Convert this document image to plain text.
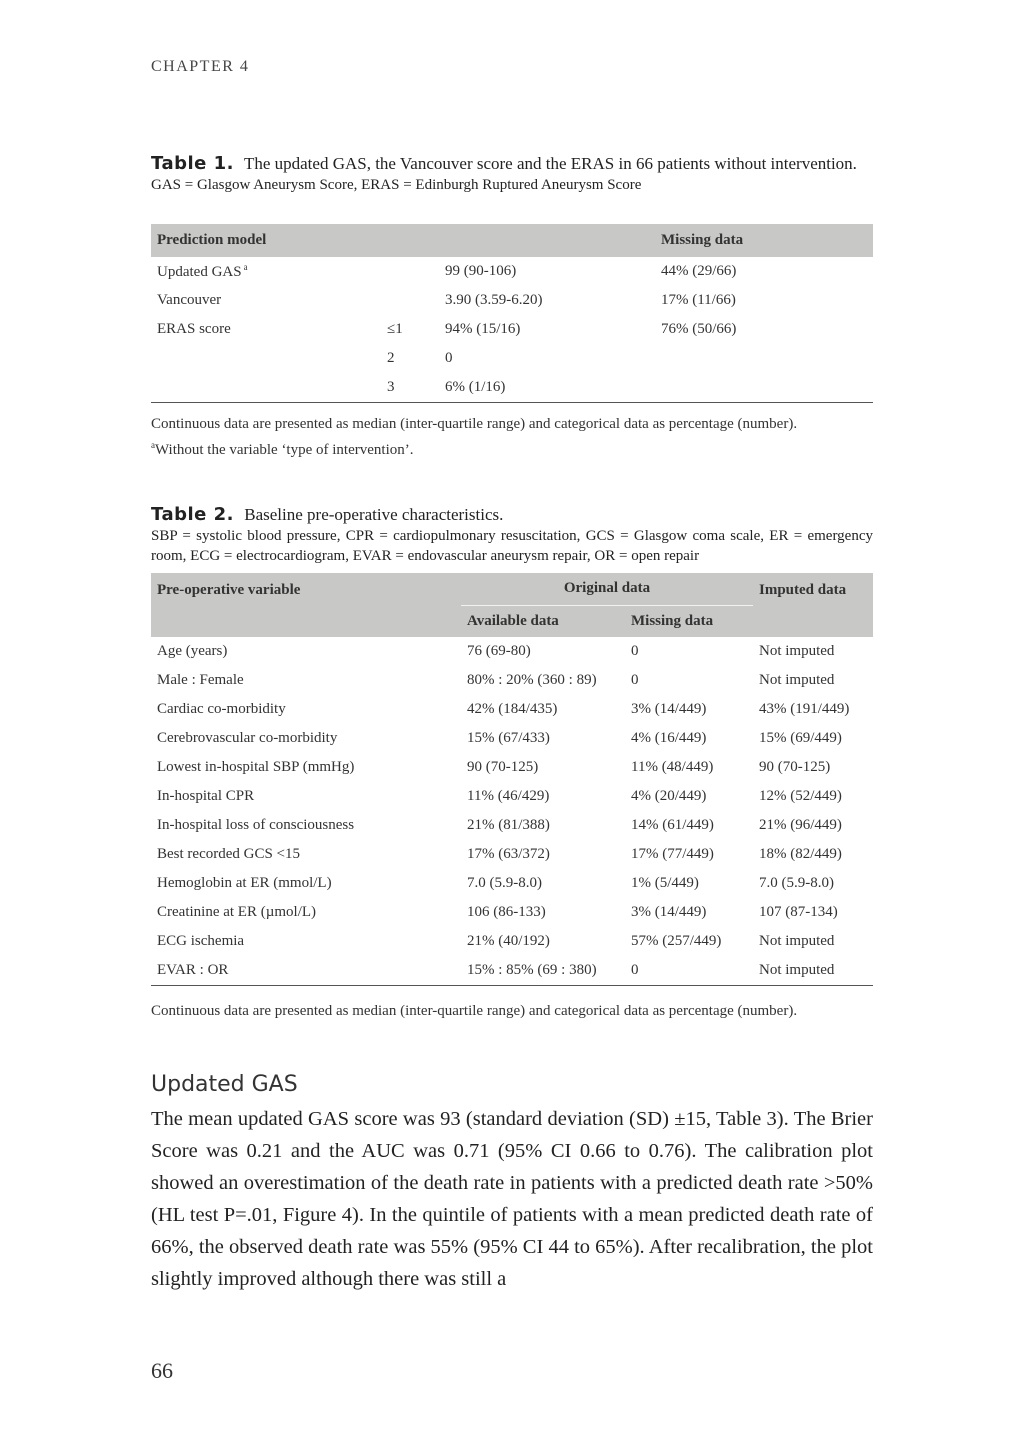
CHAPTER 4
Table 1. The updated GAS, the Vancouver score and the ERAS in 66 patients without intervention.
GAS = Glasgow Aneurysm Score, ERAS = Edinburgh Ruptured Aneurysm Score
Prediction model			Missing data
Updated GAS $^a$		99 (90-106)	44% (29/66)
Vancouver		3.90 (3.59-6.20)	17% (11/66)
ERAS score	≤1	94% (15/16)	76% (50/66)
	2	0	
	3	6% (1/16)	
Continuous data are presented as median (inter-quartile range) and categorical data as percentage (number).
$^a$Without the variable ‘type of intervention’.
Table 2. Baseline pre-operative characteristics.
SBP = systolic blood pressure, CPR = cardiopulmonary resuscitation, GCS = Glasgow coma scale, ER = emergency room, ECG = electrocardiogram, EVAR = endovascular aneurysm repair, OR = open repair
Pre-operative variable	Original data		Imputed data
	Available data	Missing data	
Age (years)	76 (69-80)	0	Not imputed
Male : Female	80% : 20% (360 : 89)	0	Not imputed
Cardiac co-morbidity	42% (184/435)	3% (14/449)	43% (191/449)
Cerebrovascular co-morbidity	15% (67/433)	4% (16/449)	15% (69/449)
Lowest in-hospital SBP (mmHg)	90 (70-125)	11% (48/449)	90 (70-125)
In-hospital CPR	11% (46/429)	4% (20/449)	12% (52/449)
In-hospital loss of consciousness	21% (81/388)	14% (61/449)	21% (96/449)
Best recorded GCS <15	17% (63/372)	17% (77/449)	18% (82/449)
Hemoglobin at ER (mmol/L)	7.0 (5.9-8.0)	1% (5/449)	7.0 (5.9-8.0)
Creatinine at ER (µmol/L)	106 (86-133)	3% (14/449)	107 (87-134)
ECG ischemia	21% (40/192)	57% (257/449)	Not imputed
EVAR : OR	15% : 85% (69 : 380)	0	Not imputed
Continuous data are presented as median (inter-quartile range) and categorical data as percentage (number).
Updated GAS
The mean updated GAS score was 93 (standard deviation (SD) ±15, Table 3). The Brier Score was 0.21 and the AUC was 0.71 (95% CI 0.66 to 0.76). The calibration plot showed an overestimation of the death rate in patients with a predicted death rate >50% (HL test P=.01, Figure 4). In the quintile of patients with a mean predicted death rate of 66%, the observed death rate was 55% (95% CI 44 to 65%). After recalibration, the plot slightly improved although there was still a
66
